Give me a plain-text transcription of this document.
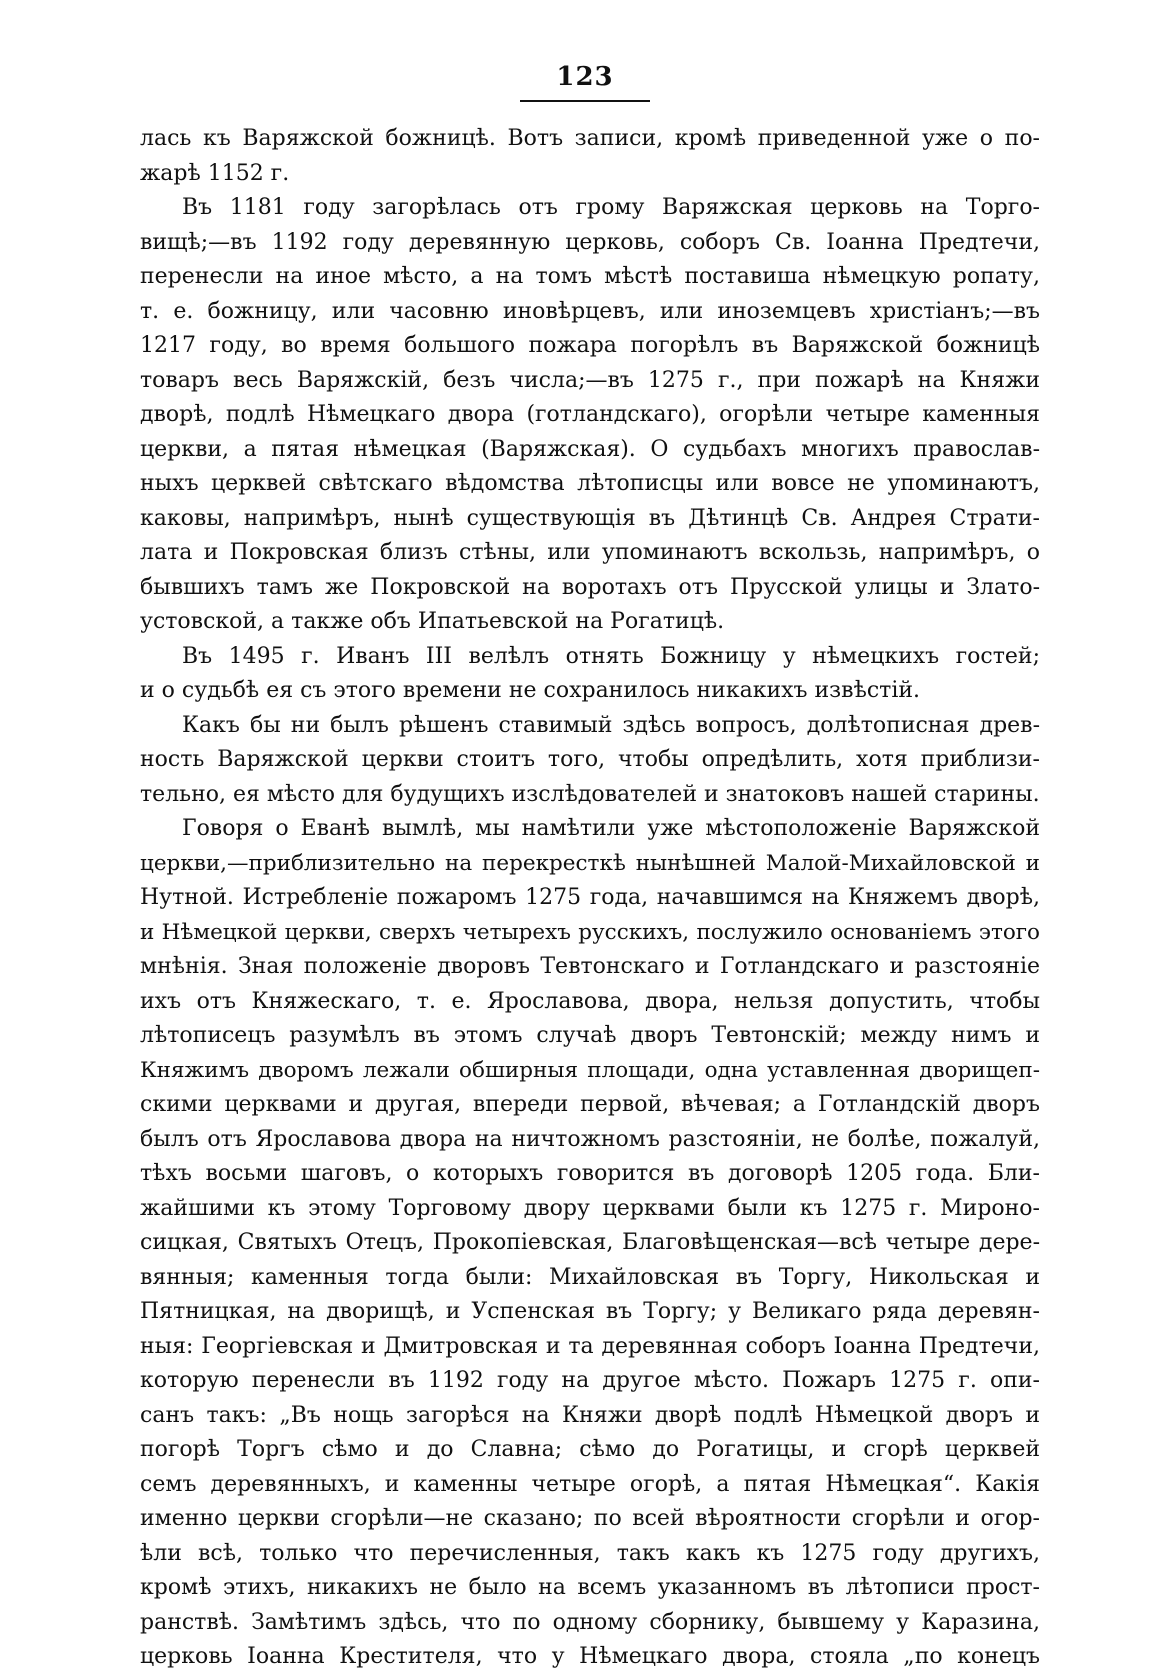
123
лась къ Варяжской божницѣ. Вотъ записи, кромѣ приведенной уже о по-
жарѣ 1152 г.
Въ 1181 году загорѣлась отъ грому Варяжская церковь на Торго-
вищѣ;—въ 1192 году деревянную церковь, соборъ Св. Іоанна Предтечи,
перенесли на иное мѣсто, а на томъ мѣстѣ поставиша нѣмецкую ропату,
т. е. божницу, или часовню иновѣрцевъ, или иноземцевъ христіанъ;—въ
1217 году, во время большого пожара погорѣлъ въ Варяжской божницѣ
товаръ весь Варяжскій, безъ числа;—въ 1275 г., при пожарѣ на Княжи
дворѣ, подлѣ Нѣмецкаго двора (готландскаго), огорѣли четыре каменныя
церкви, а пятая нѣмецкая (Варяжская). О судьбахъ многихъ православ-
ныхъ церквей свѣтскаго вѣдомства лѣтописцы или вовсе не упоминаютъ,
каковы, напримѣръ, нынѣ существующія въ Дѣтинцѣ Св. Андрея Страти-
лата и Покровская близъ стѣны, или упоминаютъ вскользь, напримѣръ, о
бывшихъ тамъ же Покровской на воротахъ отъ Прусской улицы и Злато-
устовской, а также объ Ипатьевской на Рогатицѣ.
Въ 1495 г. Иванъ III велѣлъ отнять Божницу у нѣмецкихъ гостей;
и о судьбѣ ея съ этого времени не сохранилось никакихъ извѣстій.
Какъ бы ни былъ рѣшенъ ставимый здѣсь вопросъ, долѣтописная древ-
ность Варяжской церкви стоитъ того, чтобы опредѣлить, хотя приблизи-
тельно, ея мѣсто для будущихъ изслѣдователей и знатоковъ нашей старины.
Говоря о Еванѣ вымлѣ, мы намѣтили уже мѣстоположеніе Варяжской
церкви,—приблизительно на перекресткѣ нынѣшней Малой-Михайловской и
Нутной. Истребленіе пожаромъ 1275 года, начавшимся на Княжемъ дворѣ,
и Нѣмецкой церкви, сверхъ четырехъ русскихъ, послужило основаніемъ этого
мнѣнія. Зная положеніе дворовъ Тевтонскаго и Готландскаго и разстояніе
ихъ отъ Княжескаго, т. е. Ярославова, двора, нельзя допустить, чтобы
лѣтописецъ разумѣлъ въ этомъ случаѣ дворъ Тевтонскій; между нимъ и
Княжимъ дворомъ лежали обширныя площади, одна уставленная дворищеп-
скими церквами и другая, впереди первой, вѣчевая; а Готландскій дворъ
былъ отъ Ярославова двора на ничтожномъ разстояніи, не болѣе, пожалуй,
тѣхъ восьми шаговъ, о которыхъ говорится въ договорѣ 1205 года. Бли-
жайшими къ этому Торговому двору церквами были къ 1275 г. Мироно-
сицкая, Святыхъ Отецъ, Прокопіевская, Благовѣщенская—всѣ четыре дере-
вянныя; каменныя тогда были: Михайловская въ Торгу, Никольская и
Пятницкая, на дворищѣ, и Успенская въ Торгу; у Великаго ряда деревян-
ныя: Георгіевская и Дмитровская и та деревянная соборъ Іоанна Предтечи,
которую перенесли въ 1192 году на другое мѣсто. Пожаръ 1275 г. опи-
санъ такъ: „Въ нощь загорѣся на Княжи дворѣ подлѣ Нѣмецкой дворъ и
погорѣ Торгъ сѣмо и до Славна; сѣмо до Рогатицы, и сгорѣ церквей
семъ деревянныхъ, и каменны четыре огорѣ, а пятая Нѣмецкая“. Какія
именно церкви сгорѣли—не сказано; по всей вѣроятности сгорѣли и огор-
ѣли всѣ, только что перечисленныя, такъ какъ къ 1275 году другихъ,
кромѣ этихъ, никакихъ не было на всемъ указанномъ въ лѣтописи прост-
ранствѣ. Замѣтимъ здѣсь, что по одному сборнику, бывшему у Каразина,
церковь Іоанна Крестителя, что у Нѣмецкаго двора, стояла „по конецъ
